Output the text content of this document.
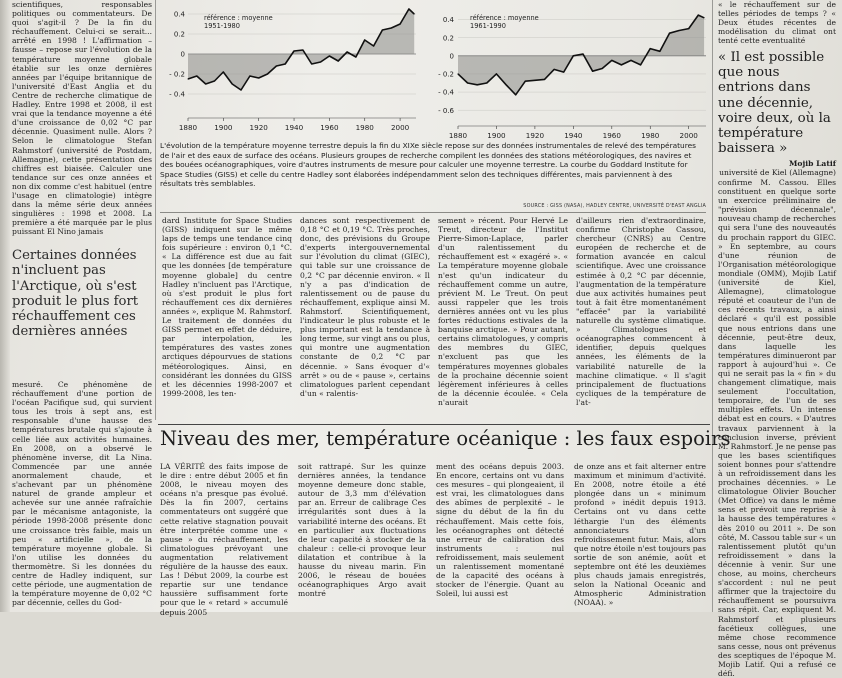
scientifiques, responsables politiques ou commentateurs. De quoi s'agit-il ? De la fin du réchauffement. Celui-ci se serait... arrêté en 1998 ! L'affirmation – fausse – repose sur l'évolution de la température moyenne globale établie sur les onze dernières années par l'équipe britannique de l'université d'East Anglia et du Centre de recherche climatique de Hadley. Entre 1998 et 2008, il est vrai que la tendance moyenne a été d'une croissance de 0,02 °C par décennie. Quasiment nulle. Alors ? Selon le climatologue Stefan Rahmstorf (université de Postdam, Allemagne), cette présentation des chiffres est biaisée. Calculer une tendance sur ces onze années et non dix comme c'est habituel (entre l'usage en climatologie) intègre dans la même série deux années singulières : 1998 et 2008. La première a été marquée par le plus puissant El Nino jamais

Certaines données n'incluent pas l'Arctique, où s'est produit le plus fort réchauffement ces dernières années

mesuré. Ce phénomène de réchauffement d'une portion de l'océan Pacifique sud, qui survient tous les trois à sept ans, est responsable d'une hausse des températures brutale qui s'ajoute à celle liée aux activités humaines. En 2008, on a observé le phénomène inverse, dit La Nina. Commencée par une année anormalement chaude, et s'achevant par un phénomène naturel de grande ampleur et achevée sur une année rafraîchie par le mécanisme antagoniste, la période 1998-2008 présente donc une croissance très faible, mais un peu « artificielle », de la température moyenne globale. Si l'on utilise les données du thermomètre. Si les données du centre de Hadley indiquent, sur cette période, une augmentation de la température moyenne de 0,02 °C par décennie, celles du God-

0.4
0.2
0
- 0.2
- 0.4
référence : moyenne
1951-1980
1880 1900 1920 1940 1960 1980 2000
0.4
0.2
0
- 0.2
- 0.4
- 0.6
référence : moyenne
1961-1990
1880	1900	1920	1940	1960	1980	2000
L'évolution de la température moyenne terrestre depuis la fin du XIXe siècle repose sur des données instrumentales de relevé des températures de l'air et des eaux de surface des océans. Plusieurs groupes de recherche compilent les données des stations météorologiques, des navires et des bouées océanographiques, voire d'autres instruments de mesure pour calculer une moyenne terrestre. La courbe du Goddard Institute for Space Studies (GISS) et celle du centre Hadley sont élaborées indépendamment selon des techniques différentes, mais parviennent à des résultats très semblables.
SOURCE : GISS (NASA), HADLEY CENTRE, UNIVERSITÉ D'EAST ANGLIA

dard Institute for Space Studies (GISS) indiquent sur le même laps de temps une tendance cinq fois supérieure : environ 0,1 °C. « La différence est due au fait que les données [de température moyenne globale] du centre Hadley n'incluent pas l'Arctique, où s'est produit le plus fort réchauffement ces dix dernières années », explique M. Rahmstorf. Le traitement de données du GISS permet en effet de déduire, par interpolation, les températures des vastes zones arctiques dépourvues de stations météorologiques. Ainsi, en considérant les données du GISS et les décennies 1998-2007 et 1999-2008, les ten-

dances sont respectivement de 0,18 °C et 0,19 °C. Très proches, donc, des prévisions du Groupe d'experts intergouvernemental sur l'évolution du climat (GIEC), qui table sur une croissance de 0,2 °C par décennie environ. « Il n'y a pas d'indication de ralentissement ou de pause du réchauffement, explique ainsi M. Rahmstorf. Scientifiquement, l'indicateur le plus robuste et le plus important est la tendance à long terme, sur vingt ans ou plus, qui montre une augmentation constante de 0,2 °C par décennie. » Sans évoquer d'« arrêt » ou de « pause », certains climatologues parlent cependant d'un « ralentis-

sement » récent. Pour Hervé Le Treut, directeur de l'Institut Pierre-Simon-Laplace, parler d'un ralentissement du réchauffement est « exagéré ». « La température moyenne globale n'est qu'un indicateur du réchauffement comme un autre, prévient M. Le Treut. On peut aussi rappeler que les trois dernières années ont vu les plus fortes réductions estivales de la banquise arctique. » Pour autant, certains climatologues, y compris des membres du GIEC, n'excluent pas que les températures moyennes globales de la prochaine décennie soient légèrement inférieures à celles de la décennie écoulée. « Cela n'aurait

d'ailleurs rien d'extraordinaire, confirme Christophe Cassou, chercheur (CNRS) au Centre européen de recherche et de formation avancée en calcul scientifique. Avec une croissance estimée à 0,2 °C par décennie, l'augmentation de la température due aux activités humaines peut tout à fait être momentanément "effacée" par la variabilité naturelle du système climatique. » Climatologues et océanographes commencent à identifier, depuis quelques années, les éléments de la variabilité naturelle de la machine climatique. « Il s'agit principalement de fluctuations cycliques de la température de l'at-

« le réchauffement sur de telles périodes de temps ? « Deux études récentes de modélisation du climat ont tenté cette eventualité

« Il est possible que nous entrions dans une décennie, voire deux, où la température baissera »
Mojib Latif
université de Kiel (Allemagne)

confirme M. Cassou. Elles constituent en quelque sorte un exercice préliminaire de "prévision décennale", nouveau champ de recherches qui sera l'une des nouveautés du prochain rapport du GIEC. » En septembre, au cours d'une réunion de l'Organisation météorologique mondiale (OMM), Mojib Latif (université de Kiel, Allemagne), climatologue réputé et coauteur de l'un de ces récents travaux, a ainsi déclaré « qu'il est possible que nous entrions dans une décennie, peut-être deux, dans laquelle les températures diminueront par rapport à aujourd'hui ». Ce qui ne serait pas la « fin » du changement climatique, mais seulement l'occultation, temporaire, de l'un de ses multiples effets. Un intense débat est en cours. « D'autres travaux parviennent à la conclusion inverse, prévient M. Rahmstorf. Je ne pense pas que les bases scientifiques soient bonnes pour s'attendre à un refroidissement dans les prochaines décennies. » Le climatologue Olivier Boucher (Met Office) va dans le même sens et prévoit une reprise à la hausse des températures « dès 2010 ou 2011 ». De son côté, M. Cassou table sur « un ralentissement plutôt qu'un refroidissement » dans la décennie à venir. Sur une chose, au moins, chercheurs s'accordent : nul ne peut affirmer que la trajectoire du réchauffement se poursuivra sans répit. Car, expliquent M. Rahmstorf et plusieurs facétieux collègues, une même chose recommence sans cesse, nous ont prévenus des sceptiques de l'époque M. Mojib Latif. Qui a refusé ce défi.

Niveau des mer, température océanique : les faux espoirs

LA VÉRITÉ des faits impose de le dire : entre début 2005 et fin 2008, le niveau moyen des océans n'a presque pas évolué. Dès la fin 2007, certains commentateurs ont suggéré que cette relative stagnation pouvait être interprétée comme une « pause » du réchauffement, les climatologues prévoyant une augmentation relativement régulière de la hausse des eaux. Las ! Début 2009, la courbe est repartie sur une tendance haussière suffisamment forte pour que le « retard » accumulé depuis 2005

soit rattrapé. Sur les quinze dernières années, la tendance moyenne demeure donc stable, autour de 3,3 mm d'élévation par an. Erreur de calibrage Ces irrégularités sont dues à la variabilité interne des océans. Et en particulier aux fluctuations de leur capacité à stocker de la chaleur : celle-ci provoque leur dilatation et contribue à la hausse du niveau marin. Fin 2006, le réseau de bouées océanographiques Argo avait montré

ment des océans depuis 2003. En encore, certains ont vu dans ces mesures – qui plongeaient, il est vrai, les climatologues dans des abîmes de perplexité – le signe du début de la fin du réchauffement. Mais cette fois, les océanographes ont détecté une erreur de calibration des instruments : nul refroidissement, mais seulement un ralentissement momentané de la capacité des océans à stocker de l'énergie. Quant au Soleil, lui aussi est

de onze ans et fait alterner entre maximum et minimum d'activité. En 2008, notre étoile a été plongée dans un « minimum profond » inédit depuis 1913. Certains ont vu dans cette léthargie l'un des éléments annonciateurs d'un refroidissement futur. Mais, alors que notre étoile n'est toujours pas sortie de son anémie, août et septembre ont été les deuxièmes plus chauds jamais enregistrés, selon la National Oceanic and Atmospheric Administration (NOAA). »
